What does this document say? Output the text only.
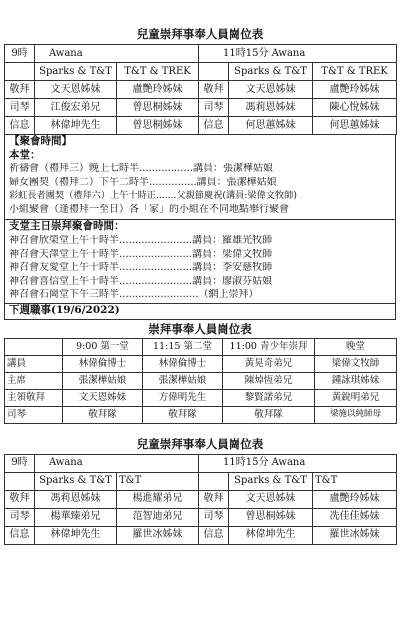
兒童崇拜事奉人員崗位表
9時	Awana		11時15分 Awana		
	Sparks & T&T	T&T & TREK		Sparks & T&T	T&T & TREK
敬拜	文天恩姊妹	盧艷玲姊妹	敬拜	文天恩姊妹	盧艷玲姊妹
司琴	江俊宏弟兄	曾思桐姊妹	司琴	馮莉恩姊妹	陳心悅姊妹
信息	林偉坤先生	曾思桐姊妹	信息	何思蕙姊妹	何思蕙姊妹
【聚會時間】
本堂：
祈禱會（禮拜三）晚上七時半.................講員：張潔樺姑娘
婦女團契（禮拜二）下午二時半...............講員：張潔樺姑娘
彩虹長者團契（禮拜六）上午十時正.......父親節慶祝(講員:梁偉文牧師)
小組聚會（逢禮拜一至日）各「家」的小組在不同地點舉行聚會
支堂主日崇拜聚會時間：
神召會欣榮堂上午十時半.......................講員：羅雄光牧師
神召會天澤堂上午十時半.......................講員：梁偉文牧師
神召會友愛堂上午十時半.......................講員：李安慈牧師
神召會喜信堂上午十時半.......................講員：廖淑芬姑娘
神召會石崗堂下午三時半.........................（網上崇拜）
下週職事(19/6/2022)
崇拜事奉人員崗位表
	9:00 第一堂	11:15 第二堂	11:00 青少年崇拜	晚堂
講員	林偉倫博士	林偉倫博士	黃晃奇弟兄	梁偉文牧師
主席	張潔樺姑娘	張潔樺姑娘	陳焯恆弟兄	鍾詠琪姊妹
主領敬拜	文天恩姊妹	方偉明先生	黎賢諾弟兄	黃銳明弟兄
司琴	敬拜隊	敬拜隊	敬拜隊	梁施以純師母
兒童崇拜事奉人員崗位表
9時	Awana		11時15分 Awana		
	Sparks & T&T	T&T		Sparks & T&T	T&T
敬拜	馮莉恩姊妹	楊進耀弟兄	敬拜	文天恩姊妹	盧艷玲姊妹
司琴	楊華臻弟兄	范智迪弟兄	司琴	曾思桐姊妹	冼佳佳姊妹
信息	林偉坤先生	羅世冰姊妹	信息	林偉坤先生	羅世冰姊妹
